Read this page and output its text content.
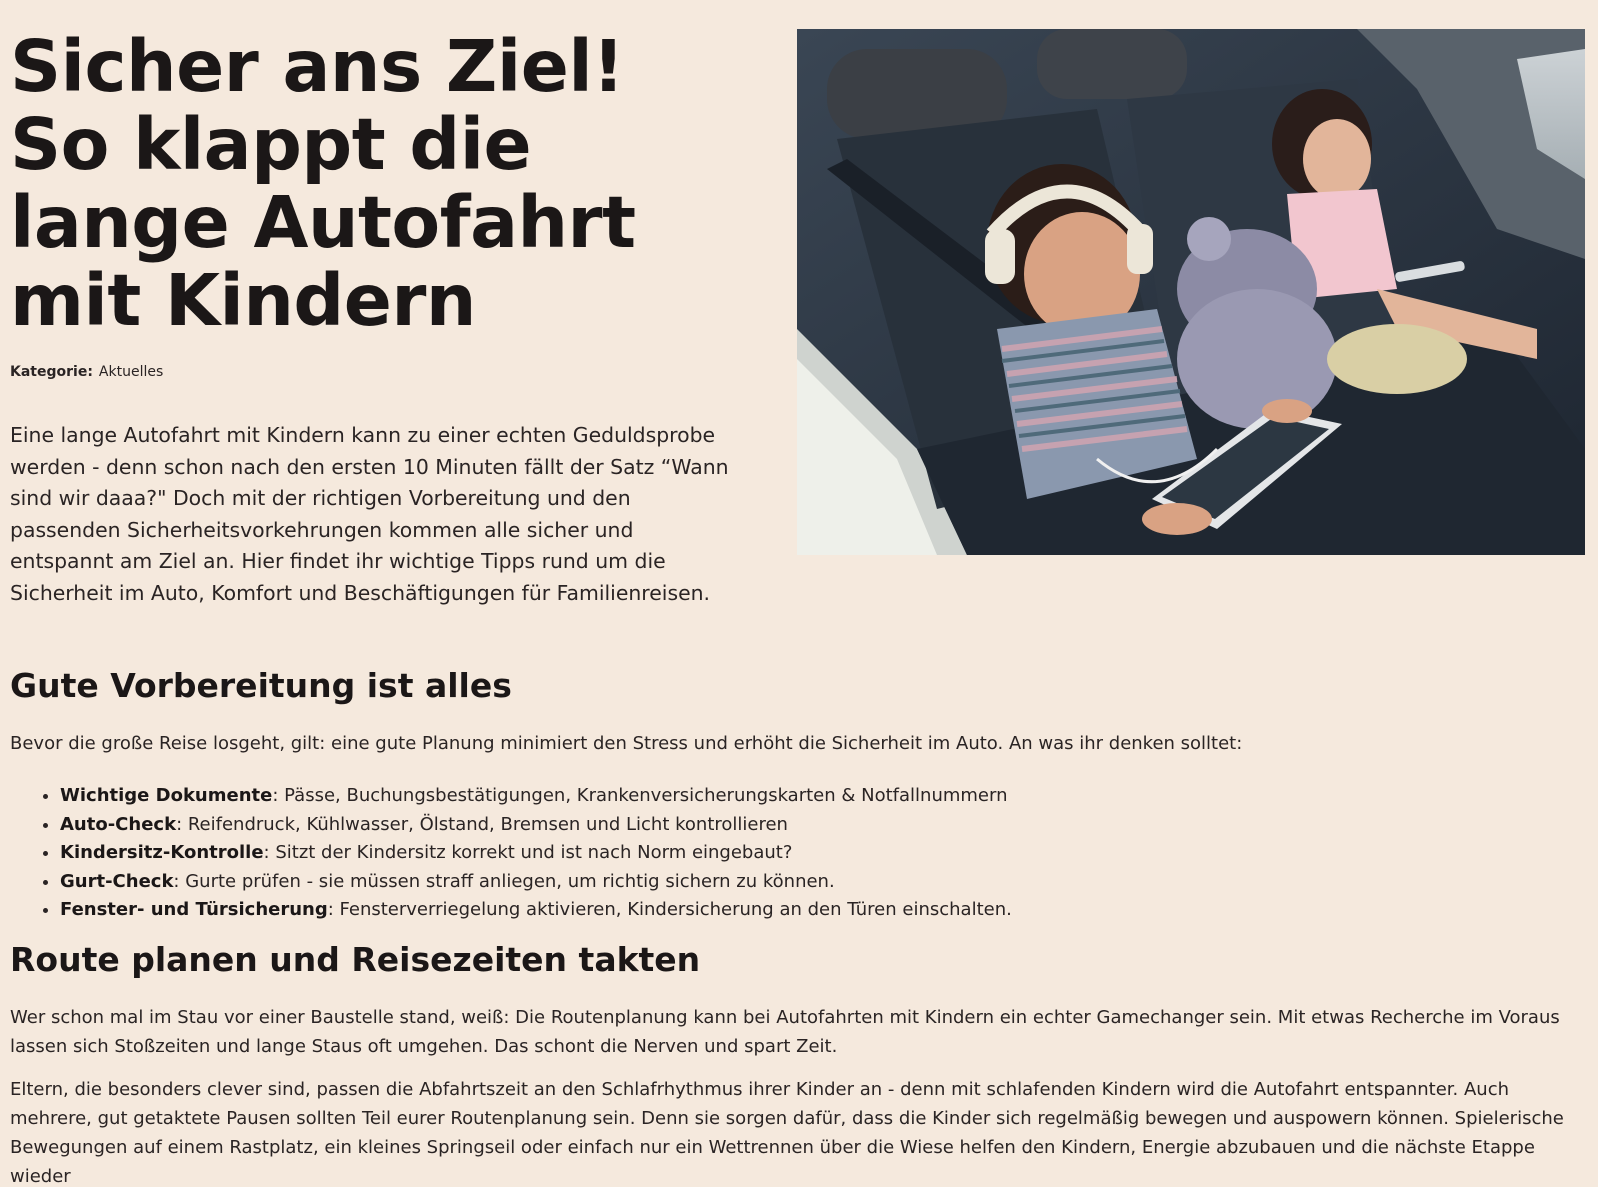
Sicher ans Ziel! So klappt die lange Autofahrt mit Kindern
Kategorie: Aktuelles

Eine lange Autofahrt mit Kindern kann zu einer echten Geduldsprobe werden - denn schon nach den ersten 10 Minuten fällt der Satz “Wann sind wir daaa?" Doch mit der richtigen Vorbereitung und den passenden Sicherheitsvorkehrungen kommen alle sicher und entspannt am Ziel an. Hier findet ihr wichtige Tipps rund um die Sicherheit im Auto, Komfort und Beschäftigungen für Familienreisen.

Gute Vorbereitung ist alles

Bevor die große Reise losgeht, gilt: eine gute Planung minimiert den Stress und erhöht die Sicherheit im Auto. An was ihr denken solltet:

• Wichtige Dokumente: Pässe, Buchungsbestätigungen, Krankenversicherungskarten & Notfallnummern
• Auto-Check: Reifendruck, Kühlwasser, Ölstand, Bremsen und Licht kontrollieren
• Kindersitz-Kontrolle: Sitzt der Kindersitz korrekt und ist nach Norm eingebaut?
• Gurt-Check: Gurte prüfen - sie müssen straff anliegen, um richtig sichern zu können.
• Fenster- und Türsicherung: Fensterverriegelung aktivieren, Kindersicherung an den Türen einschalten.
Route planen und Reisezeiten takten

Wer schon mal im Stau vor einer Baustelle stand, weiß: Die Routenplanung kann bei Autofahrten mit Kindern ein echter Gamechanger sein. Mit etwas Recherche im Voraus lassen sich Stoßzeiten und lange Staus oft umgehen. Das schont die Nerven und spart Zeit.

Eltern, die besonders clever sind, passen die Abfahrtszeit an den Schlafrhythmus ihrer Kinder an - denn mit schlafenden Kindern wird die Autofahrt entspannter. Auch mehrere, gut getaktete Pausen sollten Teil eurer Routenplanung sein. Denn sie sorgen dafür, dass die Kinder sich regelmäßig bewegen und auspowern können. Spielerische Bewegungen auf einem Rastplatz, ein kleines Springseil oder einfach nur ein Wettrennen über die Wiese helfen den Kindern, Energie abzubauen und die nächste Etappe wieder
